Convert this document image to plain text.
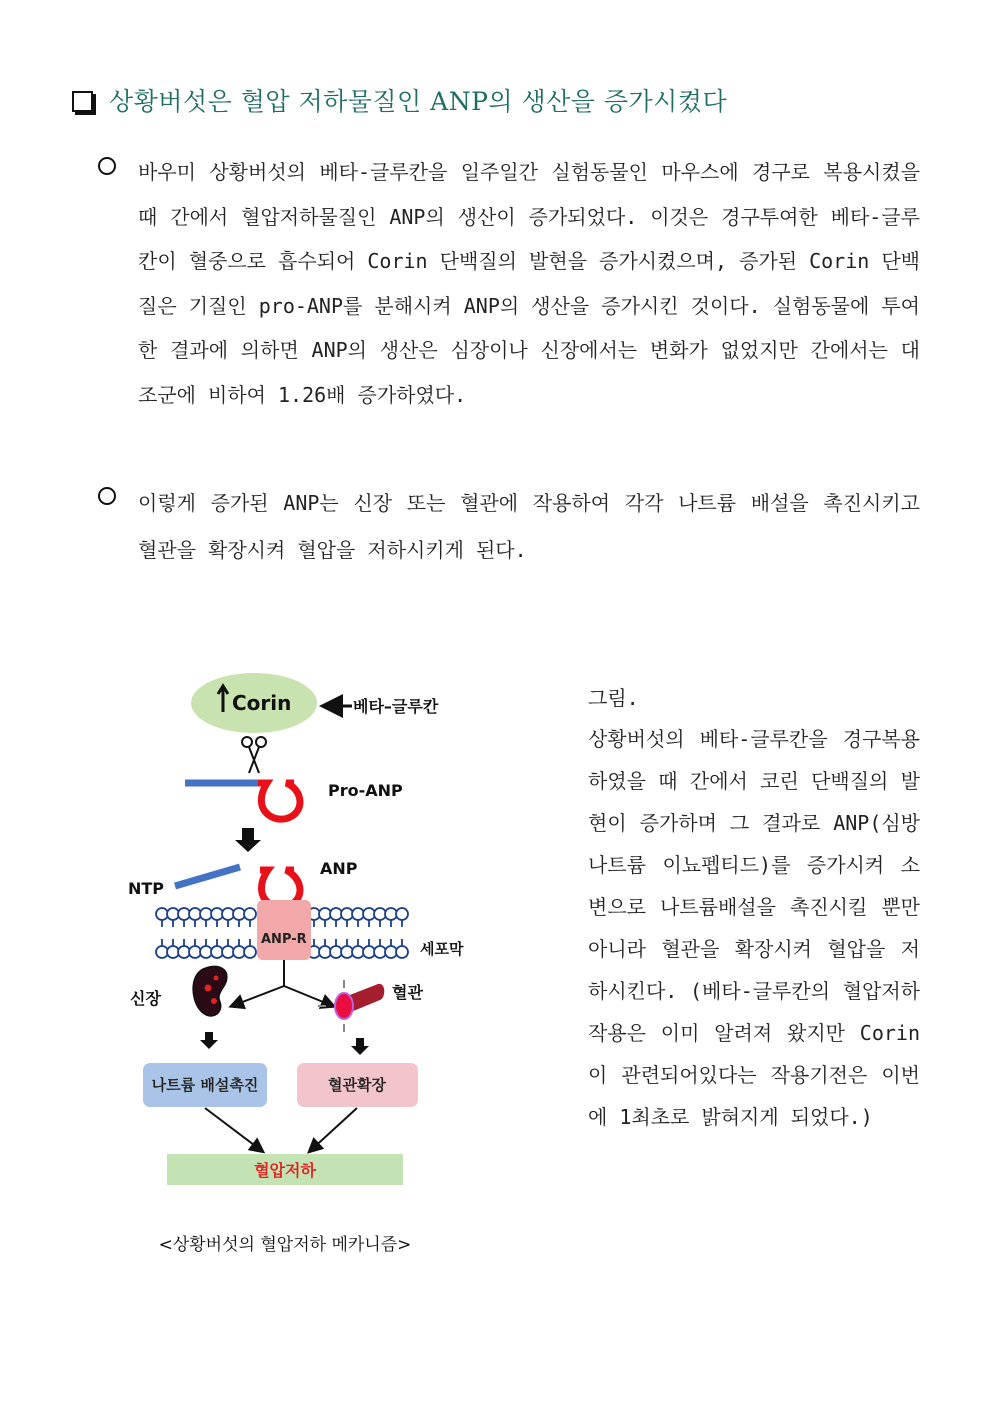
상황버섯은 혈압 저하물질인 ANP의 생산을 증가시켰다
바우미 상황버섯의 베타-글루칸을 일주일간 실험동물인 마우스에 경구로 복용시켰을 때 간에서 혈압저하물질인 ANP의 생산이 증가되었다. 이것은 경구투여한 베타-글루칸이 혈중으로 흡수되어 Corin 단백질의 발현을 증가시켰으며, 증가된 Corin 단백질은 기질인 pro-ANP를 분해시켜 ANP의 생산을 증가시킨 것이다. 실험동물에 투여한 결과에 의하면 ANP의 생산은 심장이나 신장에서는 변화가 없었지만 간에서는 대조군에 비하여 1.26배 증가하였다.
이렇게 증가된 ANP는 신장 또는 혈관에 작용하여 각각 나트륨 배설을 촉진시키고 혈관을 확장시켜 혈압을 저하시키게 된다.
Corin	베타–글루칸
Pro-ANP
NTP
ANP
ANP-R
세포막
신장	혈관
나트륨 배설촉진	혈관확장
혈압저하
<상황버섯의 혈압저하 메카니즘>
그림.
상황버섯의 베타-글루칸을 경구복용하였을 때 간에서 코린 단백질의 발현이 증가하며 그 결과로 ANP(심방 나트륨 이뇨펩티드)를 증가시켜 소변으로 나트륨배설을 촉진시킬 뿐만 아니라 혈관을 확장시켜 혈압을 저하시킨다. (베타-글루칸의 혈압저하 작용은 이미 알려져 왔지만 Corin이 관련되어있다는 작용기전은 이번에 1최초로 밝혀지게 되었다.)
